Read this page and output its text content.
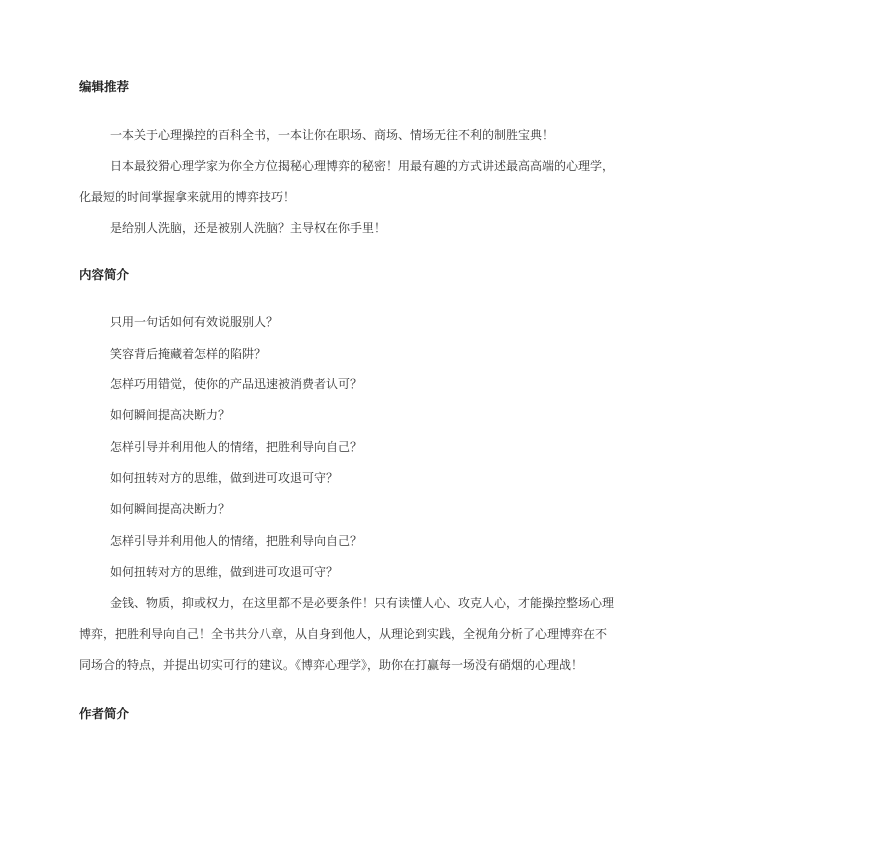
编辑推荐
一本关于心理操控的百科全书，一本让你在职场、商场、情场无往不利的制胜宝典！
日本最狡猾心理学家为你全方位揭秘心理博弈的秘密！用最有趣的方式讲述最高高端的心理学，
化最短的时间掌握拿来就用的博弈技巧！
是给别人洗脑，还是被别人洗脑？主导权在你手里！
内容简介
只用一句话如何有效说服别人？
笑容背后掩藏着怎样的陷阱？
怎样巧用错觉，使你的产品迅速被消费者认可？
如何瞬间提高决断力？
怎样引导并利用他人的情绪，把胜利导向自己？
如何扭转对方的思维，做到进可攻退可守？
如何瞬间提高决断力？
怎样引导并利用他人的情绪，把胜利导向自己？
如何扭转对方的思维，做到进可攻退可守？
金钱、物质，抑或权力，在这里都不是必要条件！只有读懂人心、攻克人心，才能操控整场心理
博弈，把胜利导向自己！全书共分八章，从自身到他人，从理论到实践，全视角分析了心理博弈在不
同场合的特点，并提出切实可行的建议。《博弈心理学》，助你在打赢每一场没有硝烟的心理战！
作者简介
